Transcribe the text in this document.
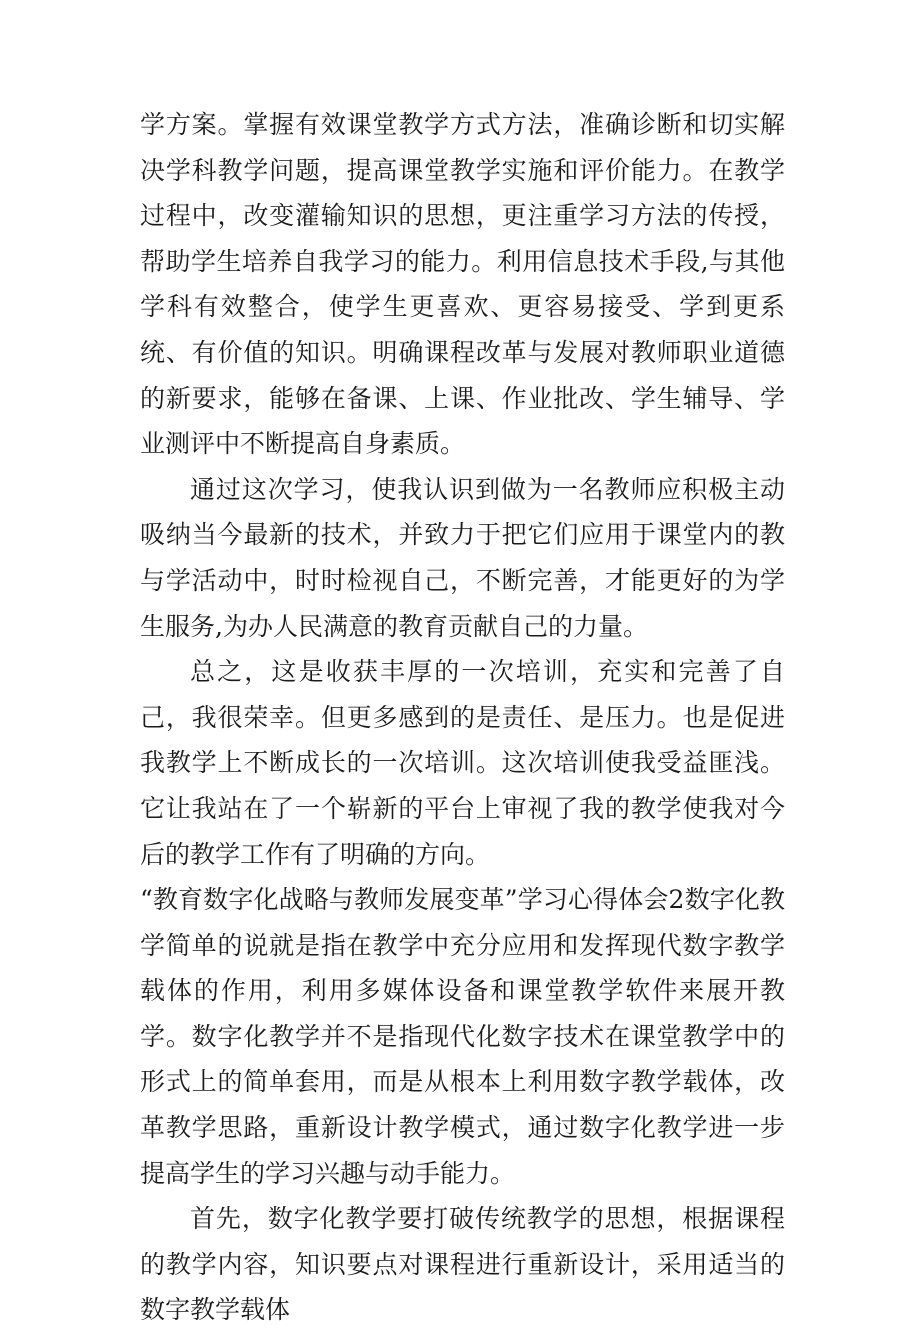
学方案。掌握有效课堂教学方式方法，准确诊断和切实解决学科教学问题，提高课堂教学实施和评价能力。在教学过程中，改变灌输知识的思想，更注重学习方法的传授，帮助学生培养自我学习的能力。利用信息技术手段,与其他学科有效整合，使学生更喜欢、更容易接受、学到更系统、有价值的知识。明确课程改革与发展对教师职业道德的新要求，能够在备课、上课、作业批改、学生辅导、学业测评中不断提高自身素质。

通过这次学习，使我认识到做为一名教师应积极主动吸纳当今最新的技术，并致力于把它们应用于课堂内的教与学活动中，时时检视自己，不断完善，才能更好的为学生服务,为办人民满意的教育贡献自己的力量。

总之，这是收获丰厚的一次培训，充实和完善了自己，我很荣幸。但更多感到的是责任、是压力。也是促进我教学上不断成长的一次培训。这次培训使我受益匪浅。它让我站在了一个崭新的平台上审视了我的教学使我对今后的教学工作有了明确的方向。

“教育数字化战略与教师发展变革”学习心得体会2数字化教学简单的说就是指在教学中充分应用和发挥现代数字教学载体的作用，利用多媒体设备和课堂教学软件来展开教学。数字化教学并不是指现代化数字技术在课堂教学中的形式上的简单套用，而是从根本上利用数字教学载体，改革教学思路，重新设计教学模式，通过数字化教学进一步提高学生的学习兴趣与动手能力。

首先，数字化教学要打破传统教学的思想，根据课程的教学内容，知识要点对课程进行重新设计，采用适当的数字教学载体
